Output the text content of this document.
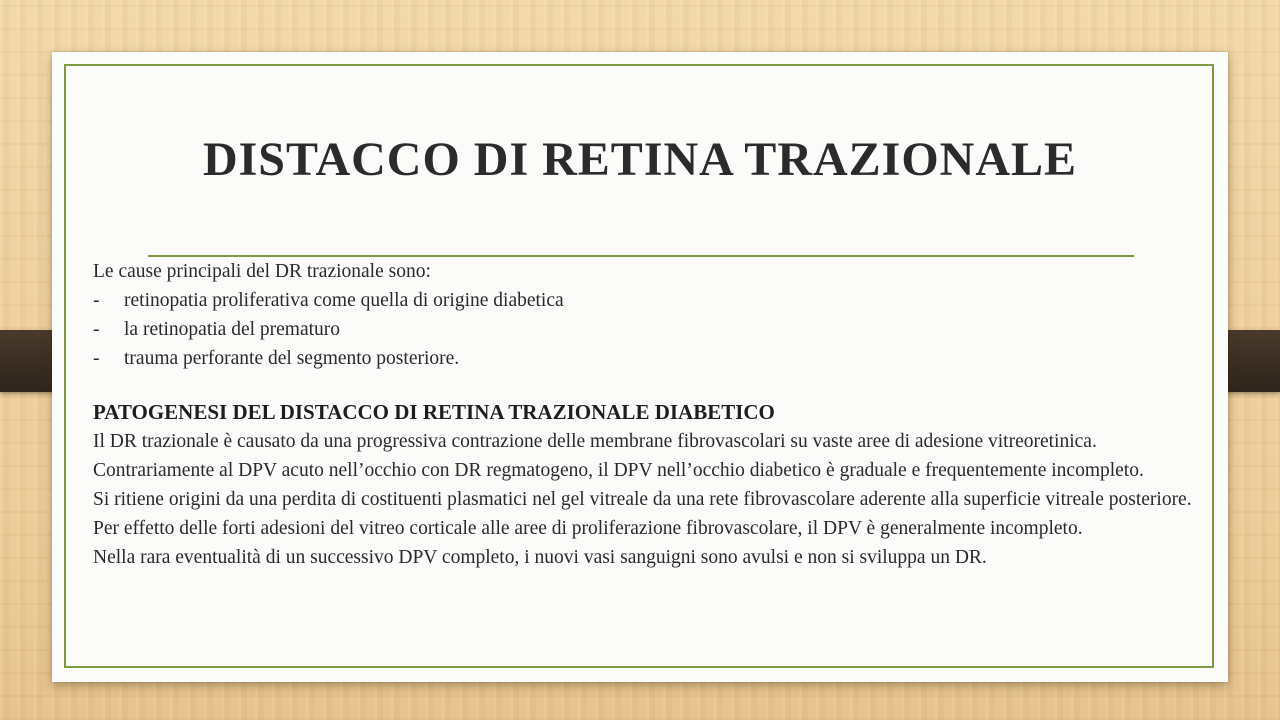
DISTACCO DI RETINA TRAZIONALE

Le cause principali del DR trazionale sono:

-	retinopatia proliferativa come quella di origine diabetica
-	la retinopatia del prematuro
-	trauma perforante del segmento posteriore.

PATOGENESI DEL DISTACCO DI RETINA TRAZIONALE DIABETICO

Il DR trazionale è causato da una progressiva contrazione delle membrane fibrovascolari su vaste aree di adesione vitreoretinica.

Contrariamente al DPV acuto nell’occhio con DR regmatogeno, il DPV nell’occhio diabetico è graduale e frequentemente incompleto.

Si ritiene origini da una perdita di costituenti plasmatici nel gel vitreale da una rete fibrovascolare aderente alla superficie vitreale posteriore. Per effetto delle forti adesioni del vitreo corticale alle aree di proliferazione fibrovascolare, il DPV è generalmente incompleto.

Nella rara eventualità di un successivo DPV completo, i nuovi vasi sanguigni sono avulsi e non si sviluppa un DR.
